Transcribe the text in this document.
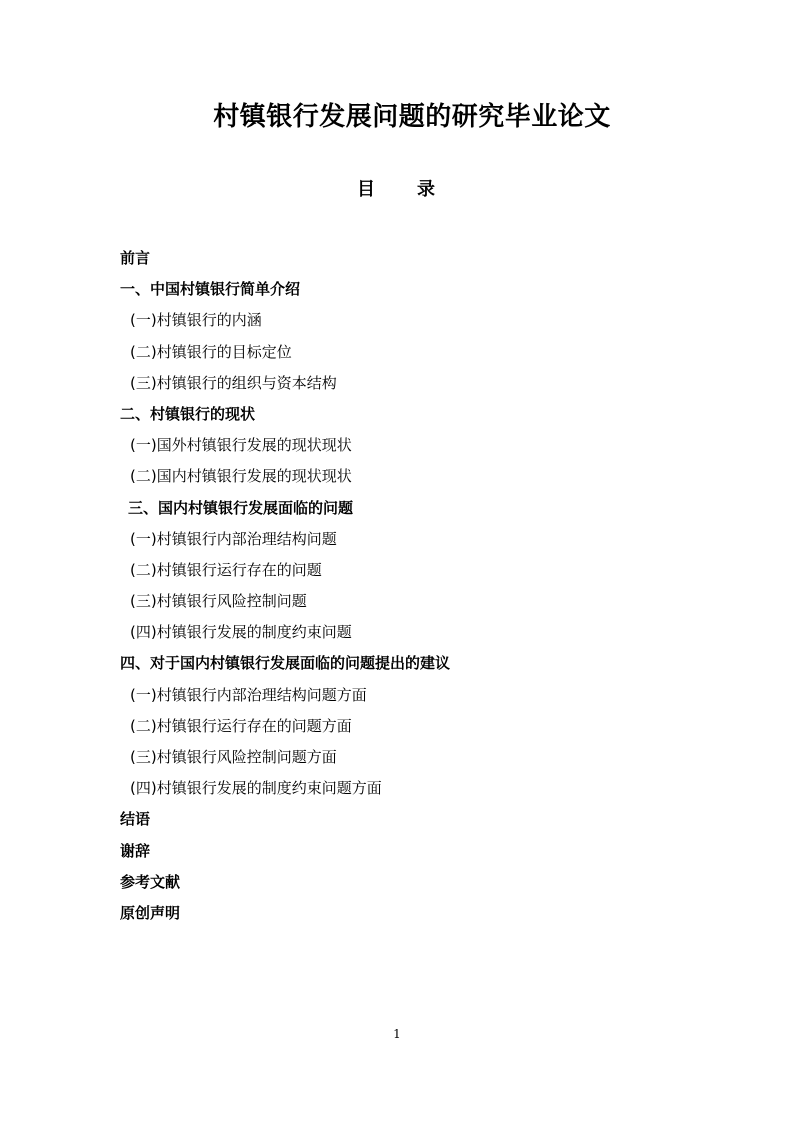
村镇银行发展问题的研究毕业论文
目 录
前言
一、中国村镇银行简单介绍
(一)村镇银行的内涵
(二)村镇银行的目标定位
(三)村镇银行的组织与资本结构
二、村镇银行的现状
(一)国外村镇银行发展的现状现状
(二)国内村镇银行发展的现状现状
三、国内村镇银行发展面临的问题
(一)村镇银行内部治理结构问题
(二)村镇银行运行存在的问题
(三)村镇银行风险控制问题
(四)村镇银行发展的制度约束问题
四、对于国内村镇银行发展面临的问题提出的建议
(一)村镇银行内部治理结构问题方面
(二)村镇银行运行存在的问题方面
(三)村镇银行风险控制问题方面
(四)村镇银行发展的制度约束问题方面
结语
谢辞
参考文献
原创声明
1
